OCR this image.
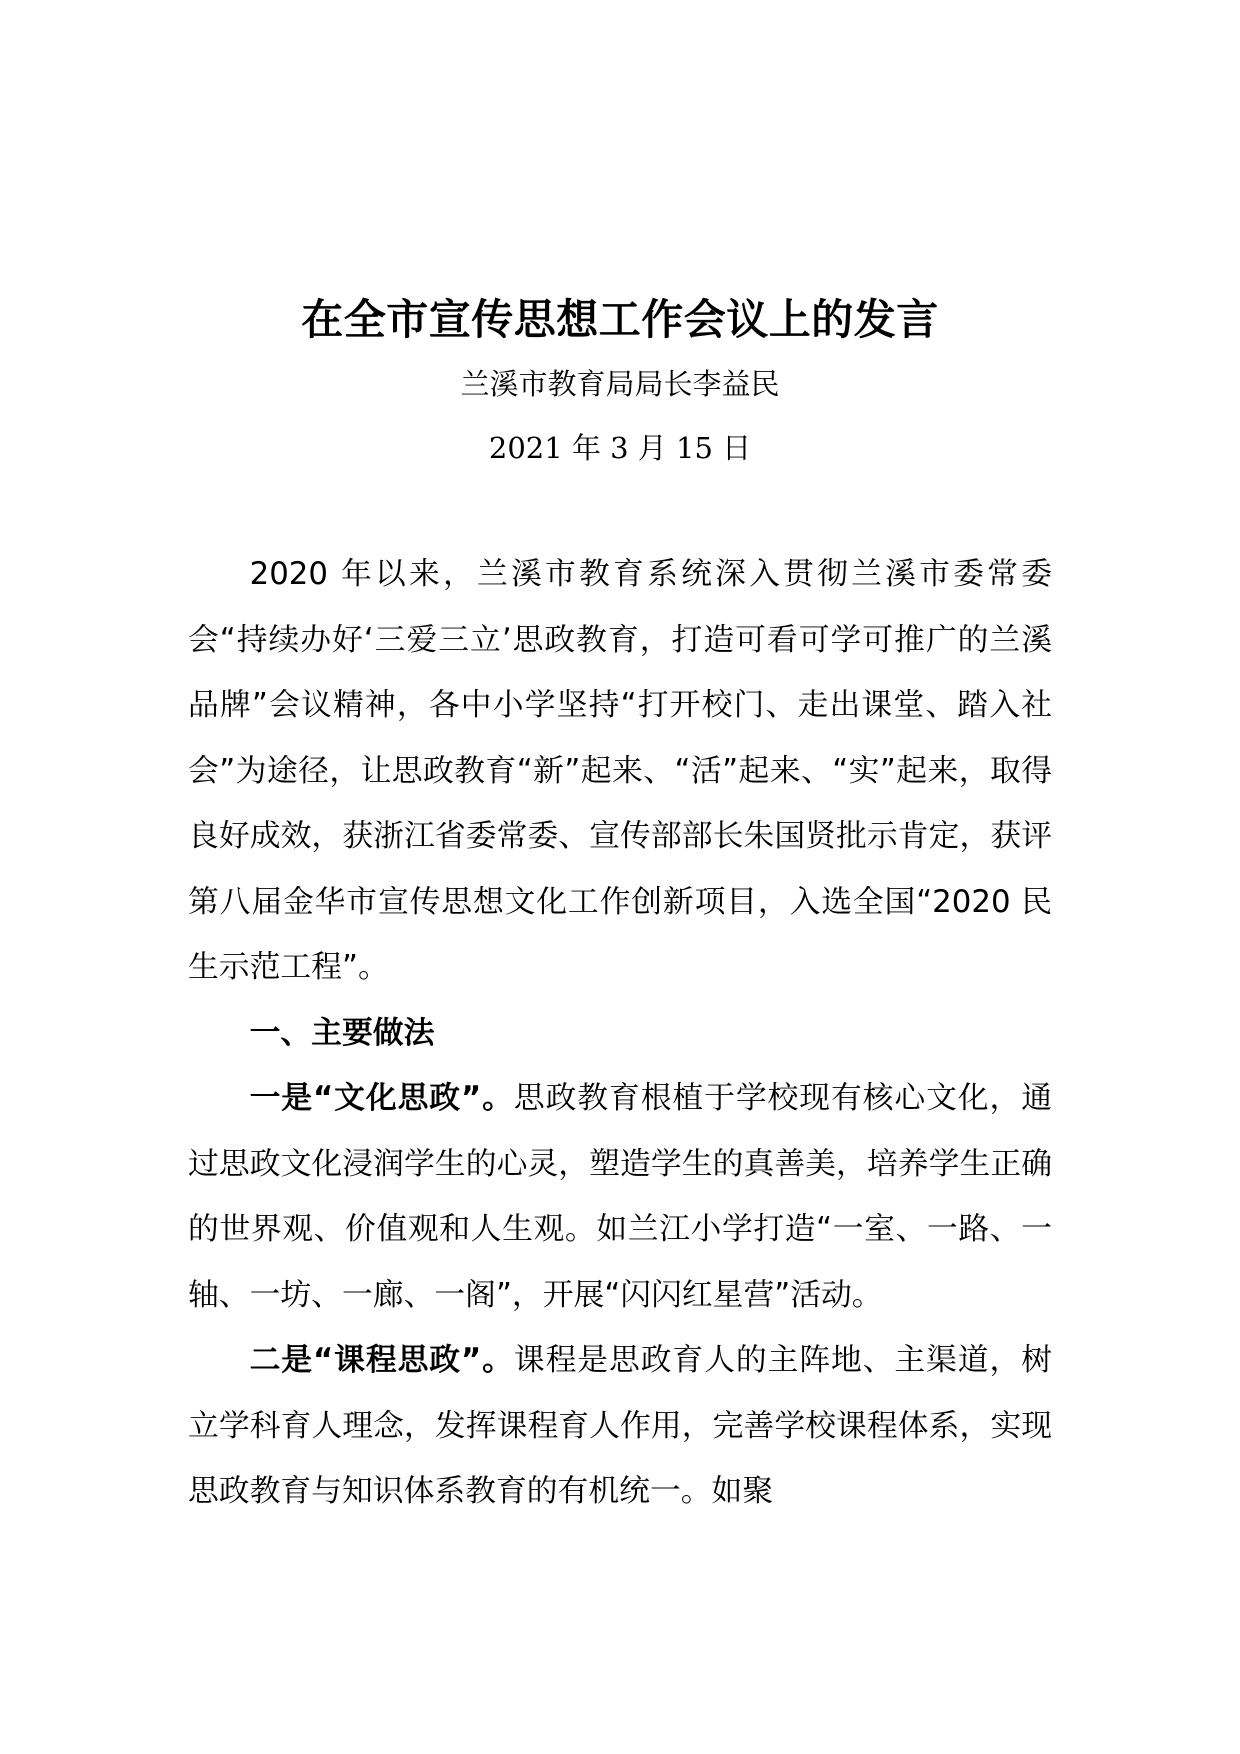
在全市宣传思想工作会议上的发言

兰溪市教育局局长李益民

2021 年 3 月 15 日

2020 年以来，兰溪市教育系统深入贯彻兰溪市委常委会“持续办好‘三爱三立’思政教育，打造可看可学可推广的兰溪品牌”会议精神，各中小学坚持“打开校门、走出课堂、踏入社会”为途径，让思政教育“新”起来、“活”起来、“实”起来，取得良好成效，获浙江省委常委、宣传部部长朱国贤批示肯定，获评第八届金华市宣传思想文化工作创新项目，入选全国“2020 民生示范工程”。

一、主要做法

一是“文化思政”。思政教育根植于学校现有核心文化，通过思政文化浸润学生的心灵，塑造学生的真善美，培养学生正确的世界观、价值观和人生观。如兰江小学打造“一室、一路、一轴、一坊、一廊、一阁”，开展“闪闪红星营”活动。

二是“课程思政”。课程是思政育人的主阵地、主渠道，树立学科育人理念，发挥课程育人作用，完善学校课程体系，实现思政教育与知识体系教育的有机统一。如聚
